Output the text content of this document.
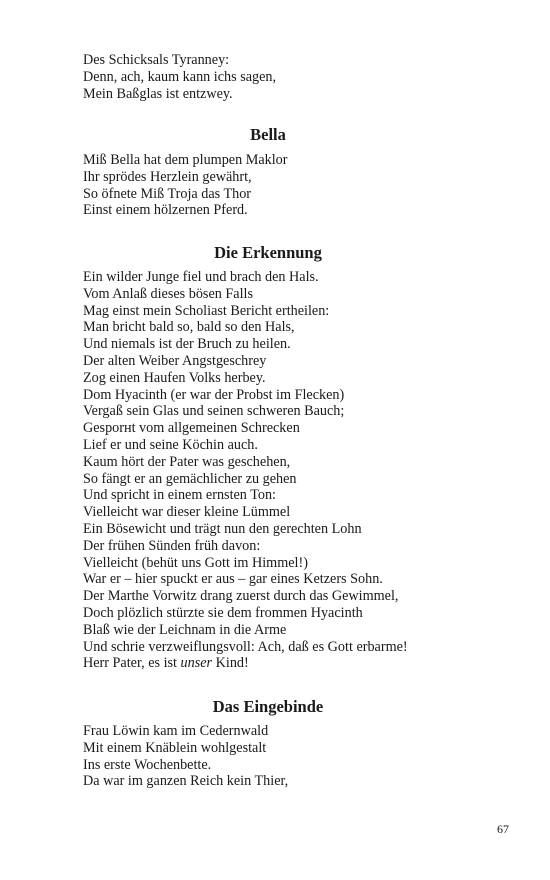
Des Schicksals Tyranney:
Denn, ach, kaum kann ichs sagen,
Mein Baßglas ist entzwey.
Bella
Miß Bella hat dem plumpen Maklor
Ihr sprödes Herzlein gewährt,
So öfnete Miß Troja das Thor
Einst einem hölzernen Pferd.
Die Erkennung
Ein wilder Junge fiel und brach den Hals.
Vom Anlaß dieses bösen Falls
Mag einst mein Scholiast Bericht ertheilen:
Man bricht bald so, bald so den Hals,
Und niemals ist der Bruch zu heilen.
Der alten Weiber Angstgeschrey
Zog einen Haufen Volks herbey.
Dom Hyacinth (er war der Probst im Flecken)
Vergaß sein Glas und seinen schweren Bauch;
Gesporнt vom allgemeinen Schrecken
Lief er und seine Köchin auch.
Kaum hört der Pater was geschehen,
So fängt er an gemächlicher zu gehen
Und spricht in einem ernsten Ton:
Vielleicht war dieser kleine Lümmel
Ein Bösewicht und trägt nun den gerechten Lohn
Der frühen Sünden früh davon:
Vielleicht (behüt uns Gott im Himmel!)
War er – hier spuckt er aus – gar eines Ketzers Sohn.
Der Marthe Vorwitz drang zuerst durch das Gewimmel,
Doch plözlich stürzte sie dem frommen Hyacinth
Blaß wie der Leichnam in die Arme
Und schrie verzweiflungsvoll: Ach, daß es Gott erbarme!
Herr Pater, es ist unser Kind!
Das Eingebinde
Frau Löwin kam im Cedernwald
Mit einem Knäblein wohlgestalt
Ins erste Wochenbette.
Da war im ganzen Reich kein Thier,
67
